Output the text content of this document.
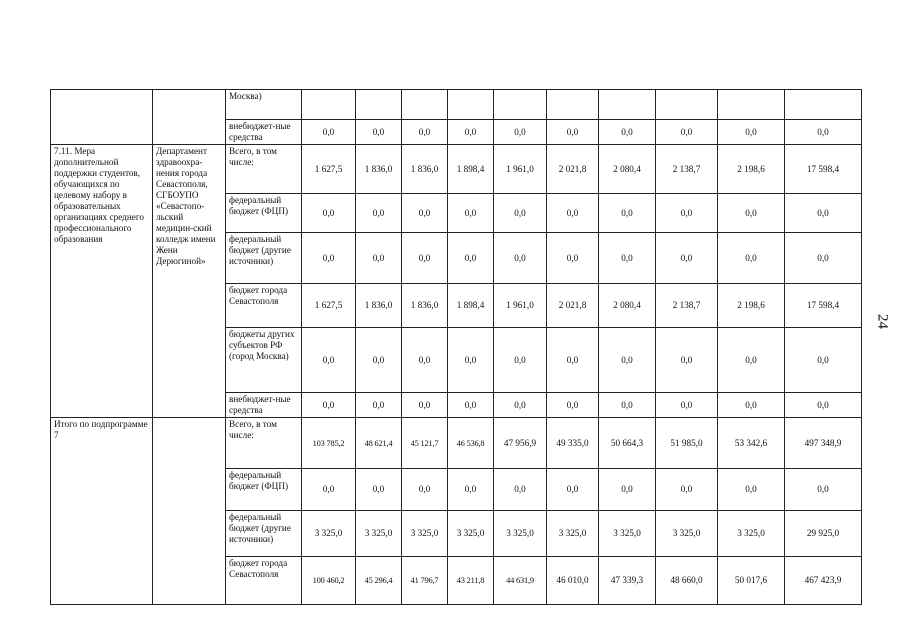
		Москва)										
		внебюджет-ные средства	0,0	0,0	0,0	0,0	0,0	0,0	0,0	0,0	0,0	0,0
7.11. Мера дополнительной поддержки студентов, обучающихся по целевому набору в образовательных организациях среднего профессионального образования	Департамент здравоохра-нения города Севастополя, СГБОУПО «Севастопо-льский медицин-ский колледж имени Жени Дерюгиной»	Всего, в том числе:	1 627,5	1 836,0	1 836,0	1 898,4	1 961,0	2 021,8	2 080,4	2 138,7	2 198,6	17 598,4
		федеральный бюджет (ФЦП)	0,0	0,0	0,0	0,0	0,0	0,0	0,0	0,0	0,0	0,0
		федеральный бюджет (другие источники)	0,0	0,0	0,0	0,0	0,0	0,0	0,0	0,0	0,0	0,0
		бюджет города Севастополя	1 627,5	1 836,0	1 836,0	1 898,4	1 961,0	2 021,8	2 080,4	2 138,7	2 198,6	17 598,4
		бюджеты других субъектов РФ (город Москва)	0,0	0,0	0,0	0,0	0,0	0,0	0,0	0,0	0,0	0,0
		внебюджет-ные средства	0,0	0,0	0,0	0,0	0,0	0,0	0,0	0,0	0,0	0,0
Итого по подпрограмме 7		Всего, в том числе:	103 785,2	48 621,4	45 121,7	46 536,8	47 956,9	49 335,0	50 664,3	51 985,0	53 342,6	497 348,9
		федеральный бюджет (ФЦП)	0,0	0,0	0,0	0,0	0,0	0,0	0,0	0,0	0,0	0,0
		федеральный бюджет (другие источники)	3 325,0	3 325,0	3 325,0	3 325,0	3 325,0	3 325,0	3 325,0	3 325,0	3 325,0	29 925,0
		бюджет города Севастополя	100 460,2	45 296,4	41 796,7	43 211,8	44 631,9	46 010,0	47 339,3	48 660,0	50 017,6	467 423,9
24
